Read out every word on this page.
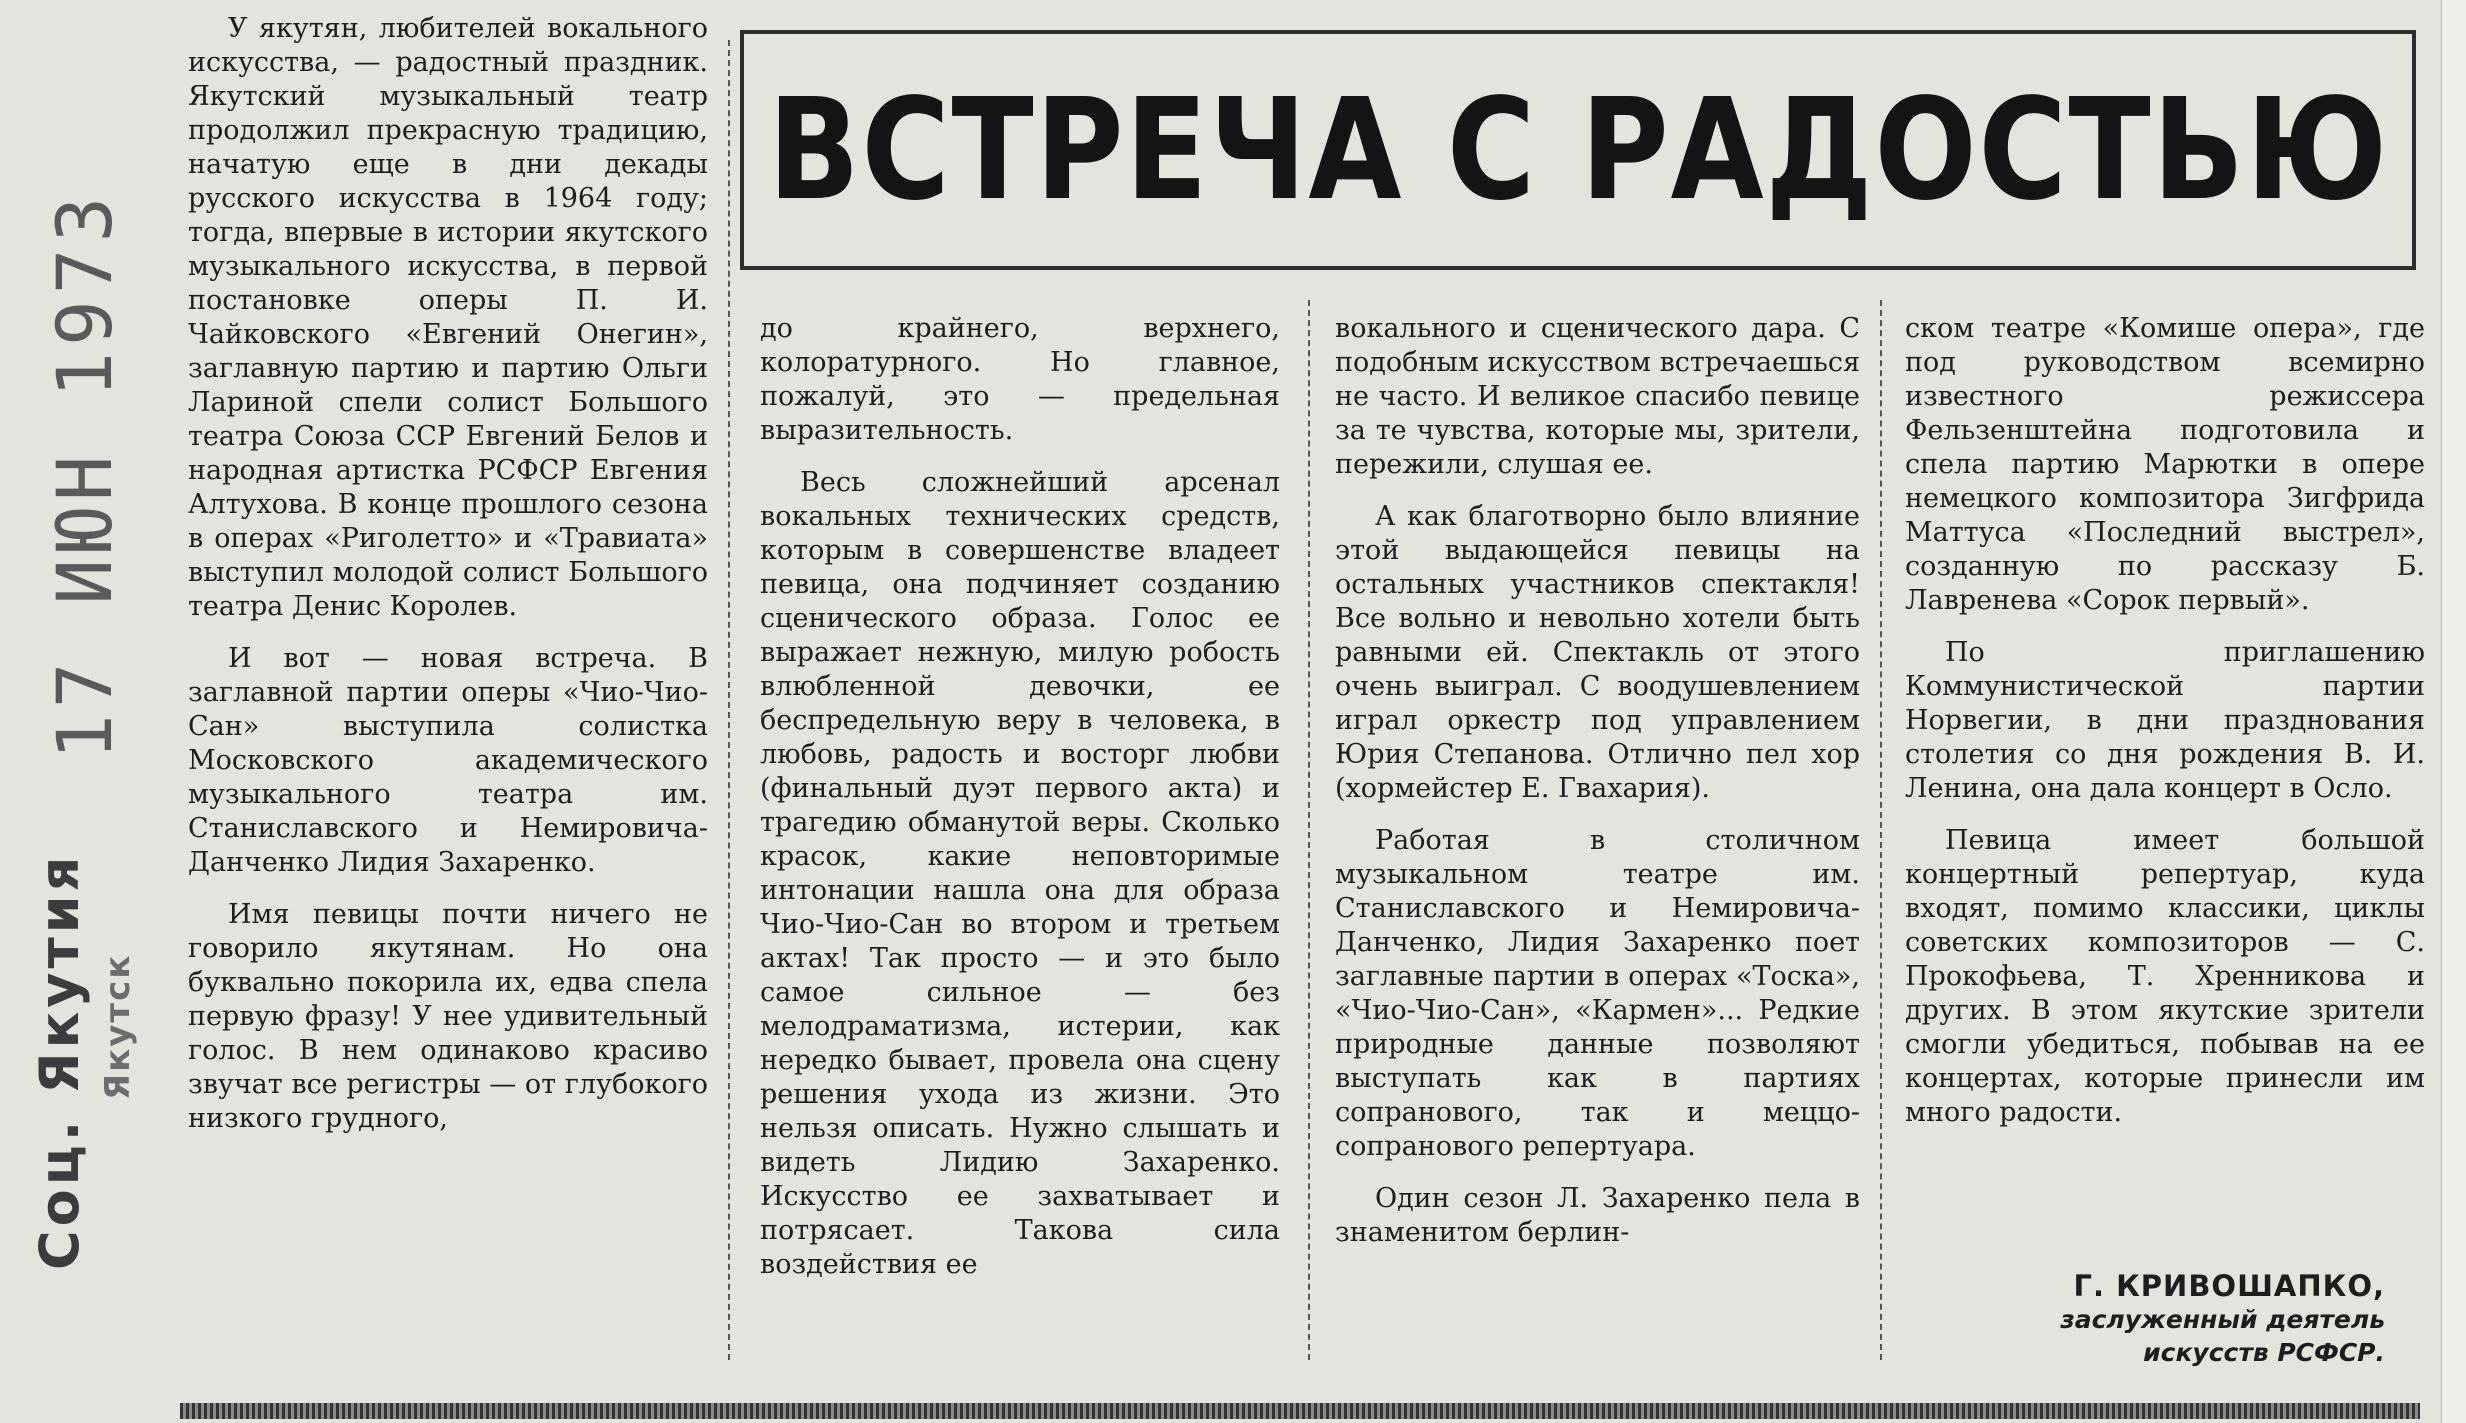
Соц. Якутия Якутск
17 ИЮН 1973
ВСТРЕЧА С РАДОСТЬЮ

У якутян, любителей вокального искусства, — радостный праздник. Якутский музыкальный театр продолжил прекрасную традицию, начатую еще в дни декады русского искусства в 1964 году; тогда, впервые в истории якутского музыкального искусства, в первой постановке оперы П. И. Чайковского «Евгений Онегин», заглавную партию и партию Ольги Лариной спели солист Большого театра Союза ССР Евгений Белов и народная артистка РСФСР Евгения Алтухова. В конце прошлого сезона в операх «Риголетто» и «Травиата» выступил молодой солист Большого театра Денис Королев.

И вот — новая встреча. В заглавной партии оперы «Чио-Чио-Сан» выступила солистка Московского академического музыкального театра им. Станиславского и Немировича-Данченко Лидия Захаренко.

Имя певицы почти ничего не говорило якутянам. Но она буквально покорила их, едва спела первую фразу! У нее удивительный голос. В нем одинаково красиво звучат все регистры — от глубокого низкого грудного,

до крайнего, верхнего, колоратурного. Но главное, пожалуй, это — предельная выразительность.

Весь сложнейший арсенал вокальных технических средств, которым в совершенстве владеет певица, она подчиняет созданию сценического образа. Голос ее выражает нежную, милую робость влюбленной девочки, ее беспредельную веру в человека, в любовь, радость и восторг любви (финальный дуэт первого акта) и трагедию обманутой веры. Сколько красок, какие неповторимые интонации нашла она для образа Чио-Чио-Сан во втором и третьем актах! Так просто — и это было самое сильное — без мелодраматизма, истерии, как нередко бывает, провела она сцену решения ухода из жизни. Это нельзя описать. Нужно слышать и видеть Лидию Захаренко. Искусство ее захватывает и потрясает. Такова сила воздействия ее

вокального и сценического дара. С подобным искусством встречаешься не часто. И великое спасибо певице за те чувства, которые мы, зрители, пережили, слушая ее.

А как благотворно было влияние этой выдающейся певицы на остальных участников спектакля! Все вольно и невольно хотели быть равными ей. Спектакль от этого очень выиграл. С воодушевлением играл оркестр под управлением Юрия Степанова. Отлично пел хор (хормейстер Е. Гвахария).

Работая в столичном музыкальном театре им. Станиславского и Немировича-Данченко, Лидия Захаренко поет заглавные партии в операх «Тоска», «Чио-Чио-Сан», «Кармен»... Редкие природные данные позволяют выступать как в партиях сопранового, так и меццо-сопранового репертуара.

Один сезон Л. Захаренко пела в знаменитом берлин-

ском театре «Комише опера», где под руководством всемирно известного режиссера Фельзенштейна подготовила и спела партию Марютки в опере немецкого композитора Зигфрида Маттуса «Последний выстрел», созданную по рассказу Б. Лавренева «Сорок первый».

По приглашению Коммунистической партии Норвегии, в дни празднования столетия со дня рождения В. И. Ленина, она дала концерт в Осло.

Певица имеет большой концертный репертуар, куда входят, помимо классики, циклы советских композиторов — С. Прокофьева, Т. Хренникова и других. В этом якутские зрители смогли убедиться, побывав на ее концертах, которые принесли им много радости.

Г. КРИВОШАПКО,
заслуженный деятель
искусств РСФСР.
